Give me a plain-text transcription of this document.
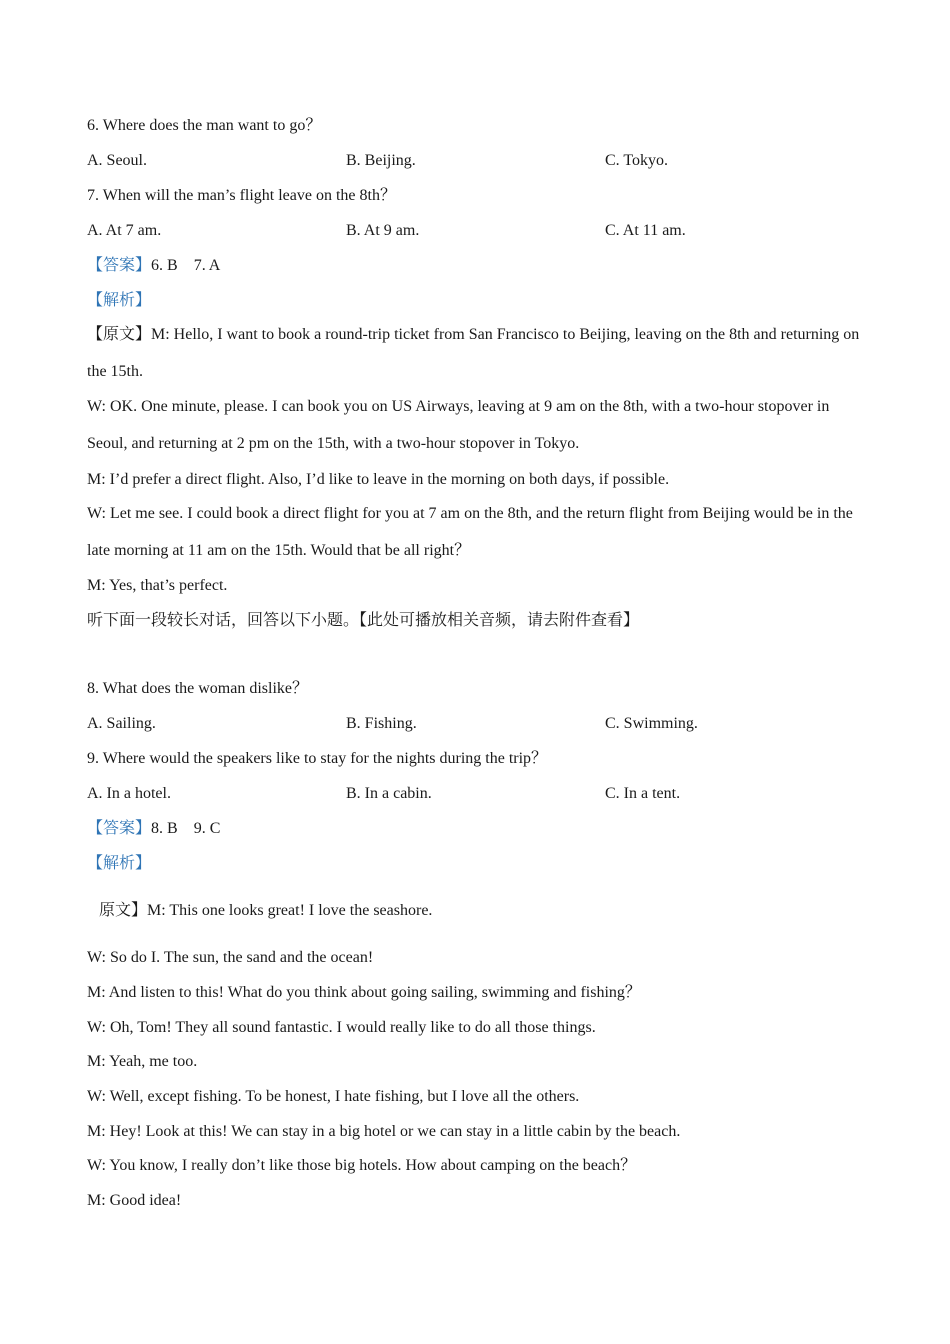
6. Where does the man want to go？
A. Seoul.	B. Beijing.	C. Tokyo.
7. When will the man’s flight leave on the 8th？
A. At 7 am.	B. At 9 am.	C. At 11 am.
【答案】6. B    7. A
【解析】
【原文】M: Hello, I want to book a round-trip ticket from San Francisco to Beijing, leaving on the 8th and returning on the 15th.
M: I’d prefer a direct flight. Also, I’d like to leave in the morning on both days, if possible.
W: OK. One minute, please. I can book you on US Airways, leaving at 9 am on the 8th, with a two-hour stopover in Seoul, and returning at 2 pm on the 15th, with a two-hour stopover in Tokyo.
W: Let me see. I could book a direct flight for you at 7 am on the 8th, and the return flight from Beijing would be in the late morning at 11 am on the 15th. Would that be all right？
M: Yes, that’s perfect.
听下面一段较长对话，回答以下小题。【此处可播放相关音频，请去附件查看】
8. What does the woman dislike？
A. Sailing.	B. Fishing.	C. Swimming.
9. Where would the speakers like to stay for the nights during the trip？
A. In a hotel.	B. In a cabin.	C. In a tent.
【答案】8. B    9. C
【解析】
原文】M: This one looks great! I love the seashore.
W: So do I. The sun, the sand and the ocean!
M: And listen to this! What do you think about going sailing, swimming and fishing？
W: Oh, Tom! They all sound fantastic. I would really like to do all those things.
M: Yeah, me too.
W: Well, except fishing. To be honest, I hate fishing, but I love all the others.
M: Hey! Look at this! We can stay in a big hotel or we can stay in a little cabin by the beach.
W: You know, I really don’t like those big hotels. How about camping on the beach？
M: Good idea!
